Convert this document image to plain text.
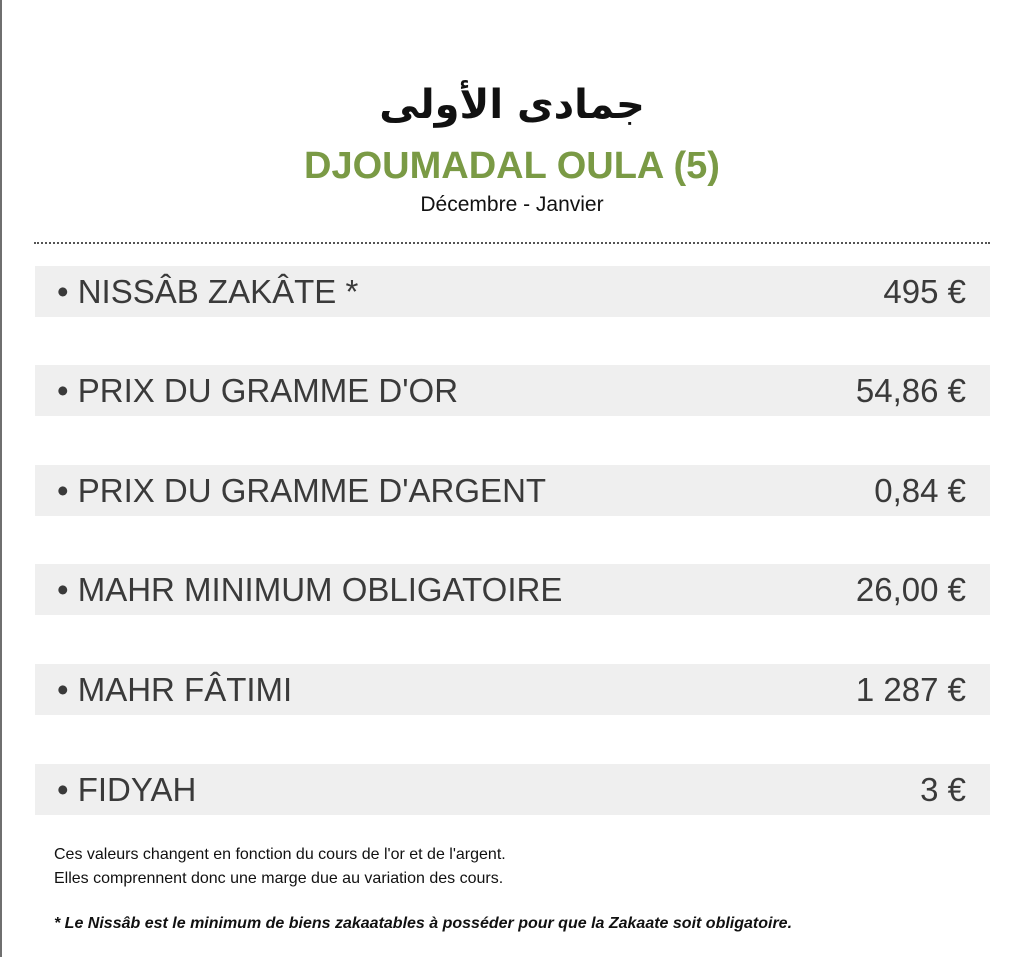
جمادى الأولى
DJOUMADAL OULA (5)
Décembre - Janvier
• NISSÂB ZAKÂTE *	495 €
• PRIX DU GRAMME D'OR	54,86 €
• PRIX DU GRAMME D'ARGENT	0,84 €
• MAHR MINIMUM OBLIGATOIRE	26,00 €
• MAHR FÂTIMI	1 287 €
• FIDYAH	3 €
Ces valeurs changent en fonction du cours de l'or et de l'argent.
Elles comprennent donc une marge due au variation des cours.
* Le Nissâb est le minimum de biens zakaatables à posséder pour que la Zakaate soit obligatoire.
